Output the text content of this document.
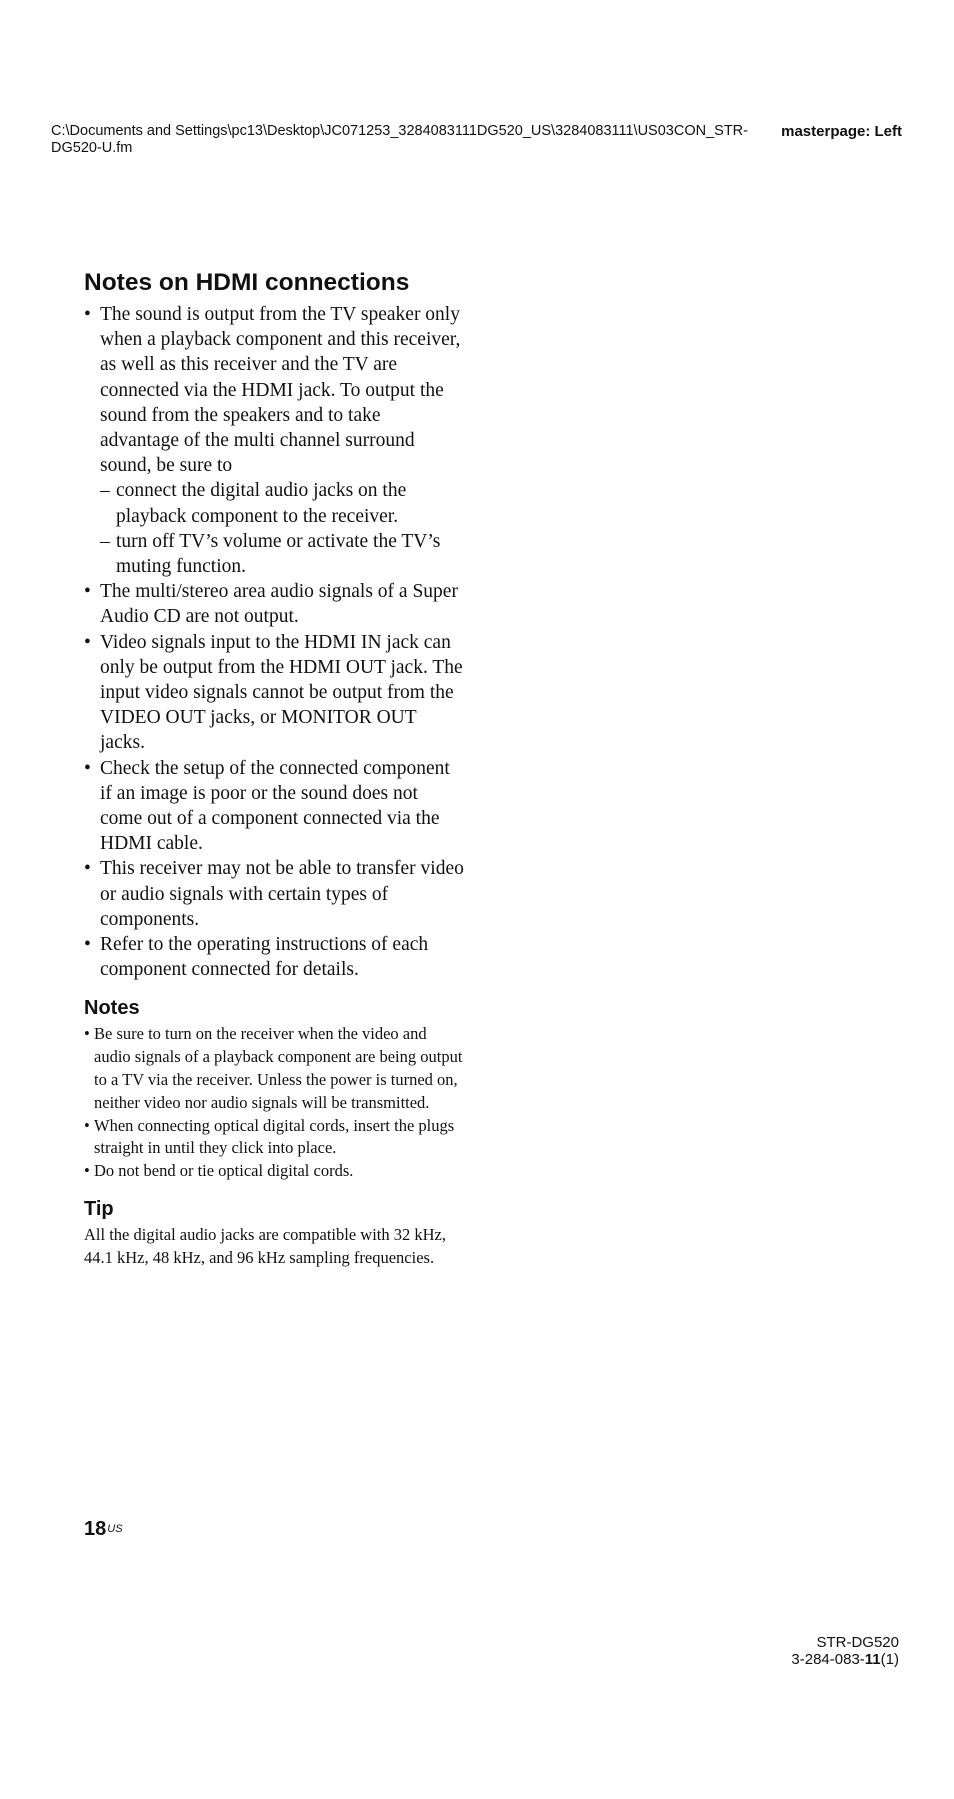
C:\Documents and Settings\pc13\Desktop\JC071253_3284083111DG520_US\3284083111\US03CON_STR-DG520-U.fm
masterpage: Left
Notes on HDMI connections
• The sound is output from the TV speaker only when a playback component and this receiver, as well as this receiver and the TV are connected via the HDMI jack. To output the sound from the speakers and to take advantage of the multi channel surround sound, be sure to
– connect the digital audio jacks on the playback component to the receiver.
– turn off TV’s volume or activate the TV’s muting function.
• The multi/stereo area audio signals of a Super Audio CD are not output.
• Video signals input to the HDMI IN jack can only be output from the HDMI OUT jack. The input video signals cannot be output from the VIDEO OUT jacks, or MONITOR OUT jacks.
• Check the setup of the connected component if an image is poor or the sound does not come out of a component connected via the HDMI cable.
• This receiver may not be able to transfer video or audio signals with certain types of components.
• Refer to the operating instructions of each component connected for details.
Notes
• Be sure to turn on the receiver when the video and audio signals of a playback component are being output to a TV via the receiver. Unless the power is turned on, neither video nor audio signals will be transmitted.
• When connecting optical digital cords, insert the plugs straight in until they click into place.
• Do not bend or tie optical digital cords.
Tip

All the digital audio jacks are compatible with 32 kHz, 44.1 kHz, 48 kHz, and 96 kHz sampling frequencies.

$18^{US}$
STR-DG520
3-284-083-11(1)
